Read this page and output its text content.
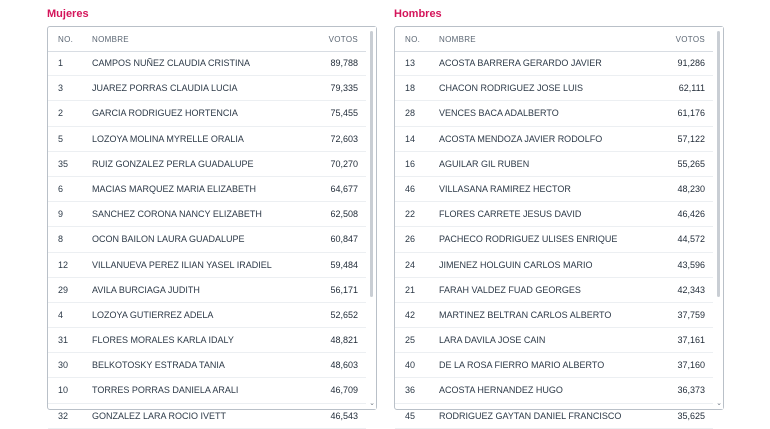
Mujeres
NO. NOMBRE	VOTOS
1	CAMPOS NUÑEZ CLAUDIA CRISTINA	89,788
3	JUAREZ PORRAS CLAUDIA LUCIA	79,335
2	GARCIA RODRIGUEZ HORTENCIA	75,455
5	LOZOYA MOLINA MYRELLE ORALIA	72,603
35	RUIZ GONZALEZ PERLA GUADALUPE	70,270
6	MACIAS MARQUEZ MARIA ELIZABETH	64,677
9	SANCHEZ CORONA NANCY ELIZABETH	62,508
8	OCON BAILON LAURA GUADALUPE	60,847
12	VILLANUEVA PEREZ ILIAN YASEL IRADIEL	59,484
29	AVILA BURCIAGA JUDITH	56,171
4	LOZOYA GUTIERREZ ADELA	52,652
31	FLORES MORALES KARLA IDALY	48,821
30	BELKOTOSKY ESTRADA TANIA	48,603
10	TORRES PORRAS DANIELA ARALI	46,709
32	GONZALEZ LARA ROCIO IVETT	46,543
⌄
Hombres
NO. NOMBRE	VOTOS
13	ACOSTA BARRERA GERARDO JAVIER	91,286
18	CHACON RODRIGUEZ JOSE LUIS	62,111
28	VENCES BACA ADALBERTO	61,176
14	ACOSTA MENDOZA JAVIER RODOLFO	57,122
16	AGUILAR GIL RUBEN	55,265
46	VILLASANA RAMIREZ HECTOR	48,230
22	FLORES CARRETE JESUS DAVID	46,426
26	PACHECO RODRIGUEZ ULISES ENRIQUE	44,572
24	JIMENEZ HOLGUIN CARLOS MARIO	43,596
21	FARAH VALDEZ FUAD GEORGES	42,343
42	MARTINEZ BELTRAN CARLOS ALBERTO	37,759
25	LARA DAVILA JOSE CAIN	37,161
40	DE LA ROSA FIERRO MARIO ALBERTO	37,160
36	ACOSTA HERNANDEZ HUGO	36,373
45	RODRIGUEZ GAYTAN DANIEL FRANCISCO	35,625
⌄
